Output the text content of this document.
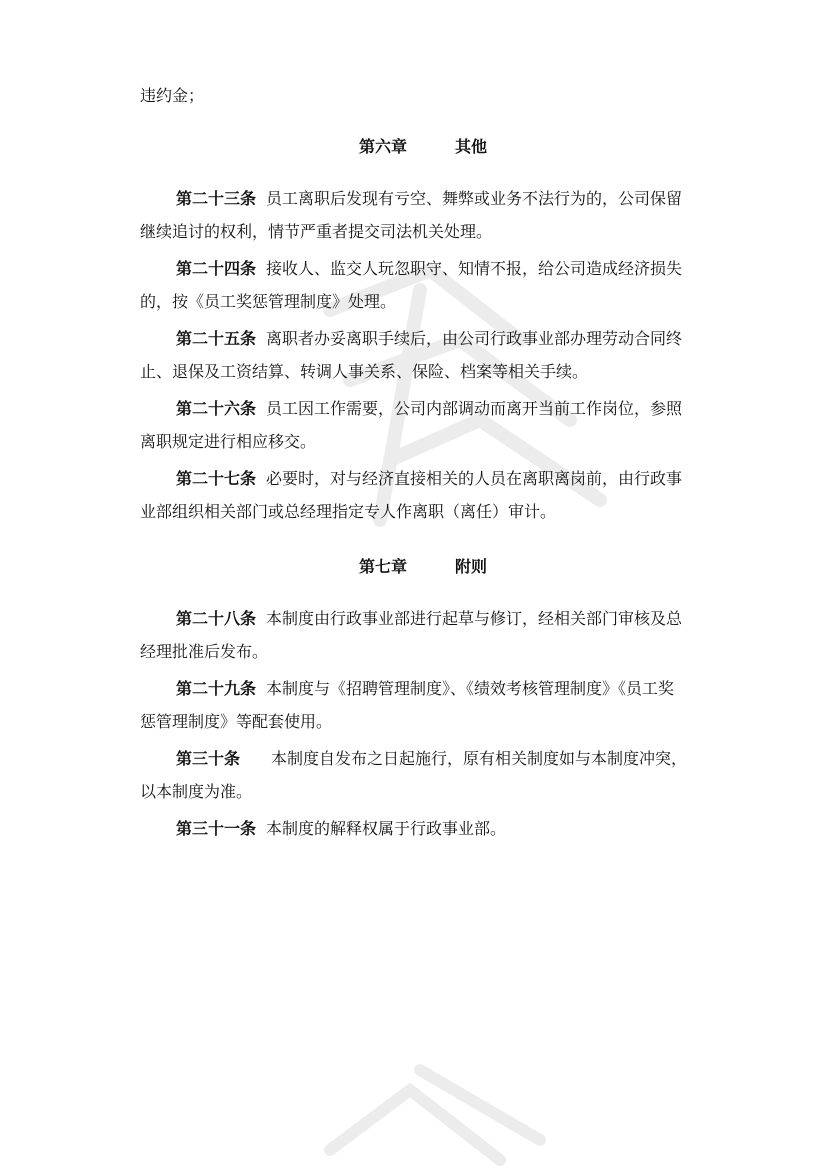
违约金；
第六章	其他
第二十三条 员工离职后发现有亏空、舞弊或业务不法行为的，公司保留
继续追讨的权利，情节严重者提交司法机关处理。
第二十四条 接收人、监交人玩忽职守、知情不报，给公司造成经济损失
的，按《员工奖惩管理制度》处理。
第二十五条 离职者办妥离职手续后，由公司行政事业部办理劳动合同终
止、退保及工资结算、转调人事关系、保险、档案等相关手续。
第二十六条 员工因工作需要，公司内部调动而离开当前工作岗位，参照
离职规定进行相应移交。
第二十七条 必要时，对与经济直接相关的人员在离职离岗前，由行政事
业部组织相关部门或总经理指定专人作离职（离任）审计。
第七章	附则
第二十八条 本制度由行政事业部进行起草与修订，经相关部门审核及总
经理批准后发布。
第二十九条 本制度与《招聘管理制度》、《绩效考核管理制度》《员工奖
惩管理制度》等配套使用。
第三十条	本制度自发布之日起施行，原有相关制度如与本制度冲突，
以本制度为准。
第三十一条 本制度的解释权属于行政事业部。
